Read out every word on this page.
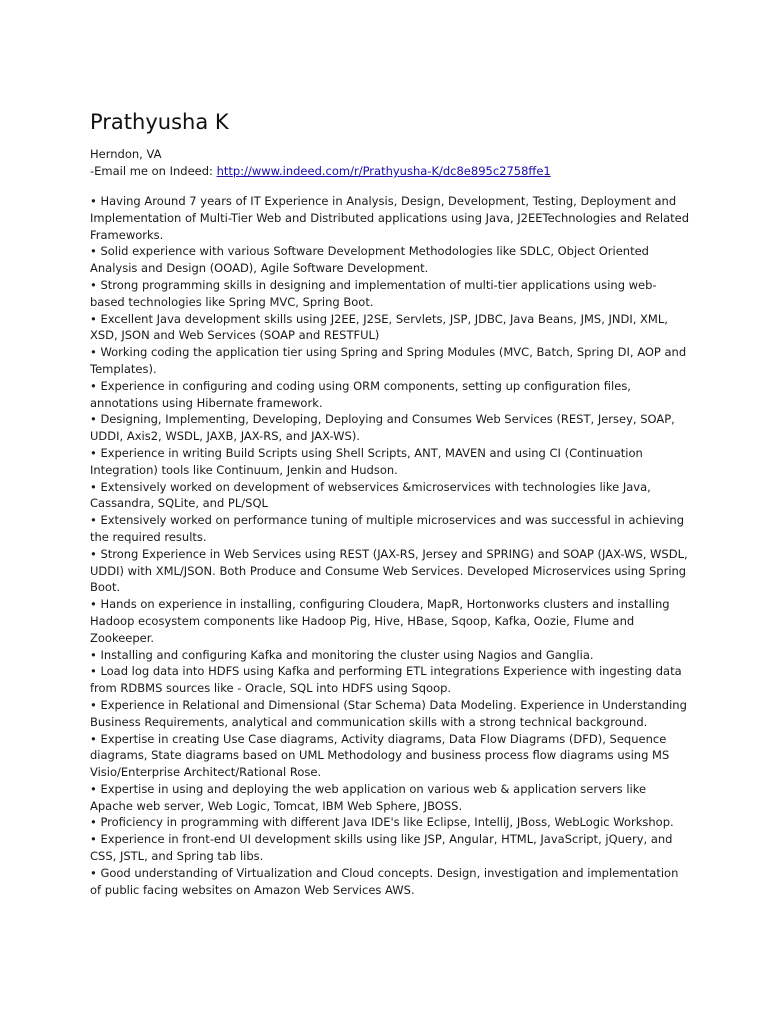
Prathyusha K
Herndon, VA
-Email me on Indeed: http://www.indeed.com/r/Prathyusha-K/dc8e895c2758ffe1

• Having Around 7 years of IT Experience in Analysis, Design, Development, Testing, Deployment and Implementation of Multi-Tier Web and Distributed applications using Java, J2EETechnologies and Related Frameworks.

• Solid experience with various Software Development Methodologies like SDLC, Object Oriented Analysis and Design (OOAD), Agile Software Development.

• Strong programming skills in designing and implementation of multi-tier applications using web-based technologies like Spring MVC, Spring Boot.

• Excellent Java development skills using J2EE, J2SE, Servlets, JSP, JDBC, Java Beans, JMS, JNDI, XML, XSD, JSON and Web Services (SOAP and RESTFUL)

• Working coding the application tier using Spring and Spring Modules (MVC, Batch, Spring DI, AOP and Templates).

• Experience in configuring and coding using ORM components, setting up configuration files, annotations using Hibernate framework.

• Designing, Implementing, Developing, Deploying and Consumes Web Services (REST, Jersey, SOAP, UDDI, Axis2, WSDL, JAXB, JAX-RS, and JAX-WS).

• Experience in writing Build Scripts using Shell Scripts, ANT, MAVEN and using CI (Continuation Integration) tools like Continuum, Jenkin and Hudson.

• Extensively worked on development of webservices &microservices with technologies like Java, Cassandra, SQLite, and PL/SQL

• Extensively worked on performance tuning of multiple microservices and was successful in achieving the required results.

• Strong Experience in Web Services using REST (JAX-RS, Jersey and SPRING) and SOAP (JAX-WS, WSDL, UDDI) with XML/JSON. Both Produce and Consume Web Services. Developed Microservices using Spring Boot.

• Hands on experience in installing, configuring Cloudera, MapR, Hortonworks clusters and installing Hadoop ecosystem components like Hadoop Pig, Hive, HBase, Sqoop, Kafka, Oozie, Flume and Zookeeper.

• Installing and configuring Kafka and monitoring the cluster using Nagios and Ganglia.

• Load log data into HDFS using Kafka and performing ETL integrations Experience with ingesting data from RDBMS sources like - Oracle, SQL into HDFS using Sqoop.

• Experience in Relational and Dimensional (Star Schema) Data Modeling. Experience in Understanding Business Requirements, analytical and communication skills with a strong technical background.

• Expertise in creating Use Case diagrams, Activity diagrams, Data Flow Diagrams (DFD), Sequence diagrams, State diagrams based on UML Methodology and business process flow diagrams using MS Visio/Enterprise Architect/Rational Rose.

• Expertise in using and deploying the web application on various web & application servers like Apache web server, Web Logic, Tomcat, IBM Web Sphere, JBOSS.

• Proficiency in programming with different Java IDE's like Eclipse, IntelliJ, JBoss, WebLogic Workshop.

• Experience in front-end UI development skills using like JSP, Angular, HTML, JavaScript, jQuery, and CSS, JSTL, and Spring tab libs.

• Good understanding of Virtualization and Cloud concepts. Design, investigation and implementation of public facing websites on Amazon Web Services AWS.
